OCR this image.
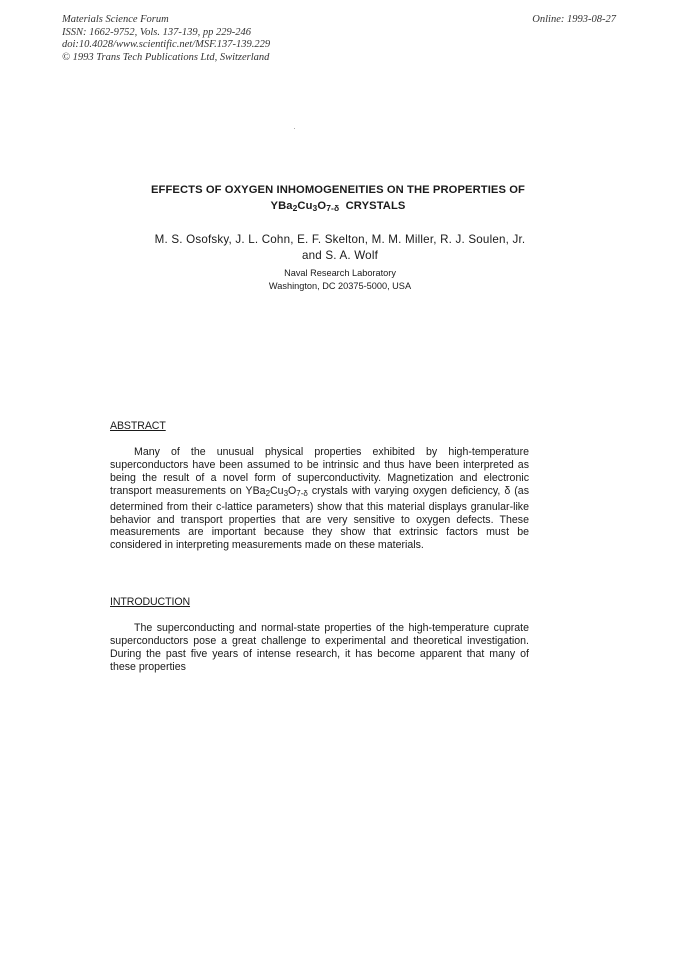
Materials Science Forum
ISSN: 1662-9752, Vols. 137-139, pp 229-246
doi:10.4028/www.scientific.net/MSF.137-139.229
© 1993 Trans Tech Publications Ltd, Switzerland
Online: 1993-08-27
EFFECTS OF OXYGEN INHOMOGENEITIES ON THE PROPERTIES OF
$YBa_2Cu_3O_{7-\delta}$ CRYSTALS
M. S. Osofsky, J. L. Cohn, E. F. Skelton, M. M. Miller, R. J. Soulen, Jr.
and S. A. Wolf
Naval Research Laboratory
Washington, DC 20375-5000, USA
ABSTRACT
Many of the unusual physical properties exhibited by high-temperature superconductors have been assumed to be intrinsic and thus have been interpreted as being the result of a novel form of superconductivity. Magnetization and electronic transport measurements on $YBa_2Cu_3O_{7-\delta}$ crystals with varying oxygen deficiency, δ (as determined from their c-lattice parameters) show that this material displays granular-like behavior and transport properties that are very sensitive to oxygen defects. These measurements are important because they show that extrinsic factors must be considered in interpreting measurements made on these materials.
INTRODUCTION
The superconducting and normal-state properties of the high-temperature cuprate superconductors pose a great challenge to experimental and theoretical investigation. During the past five years of intense research, it has become apparent that many of these properties
